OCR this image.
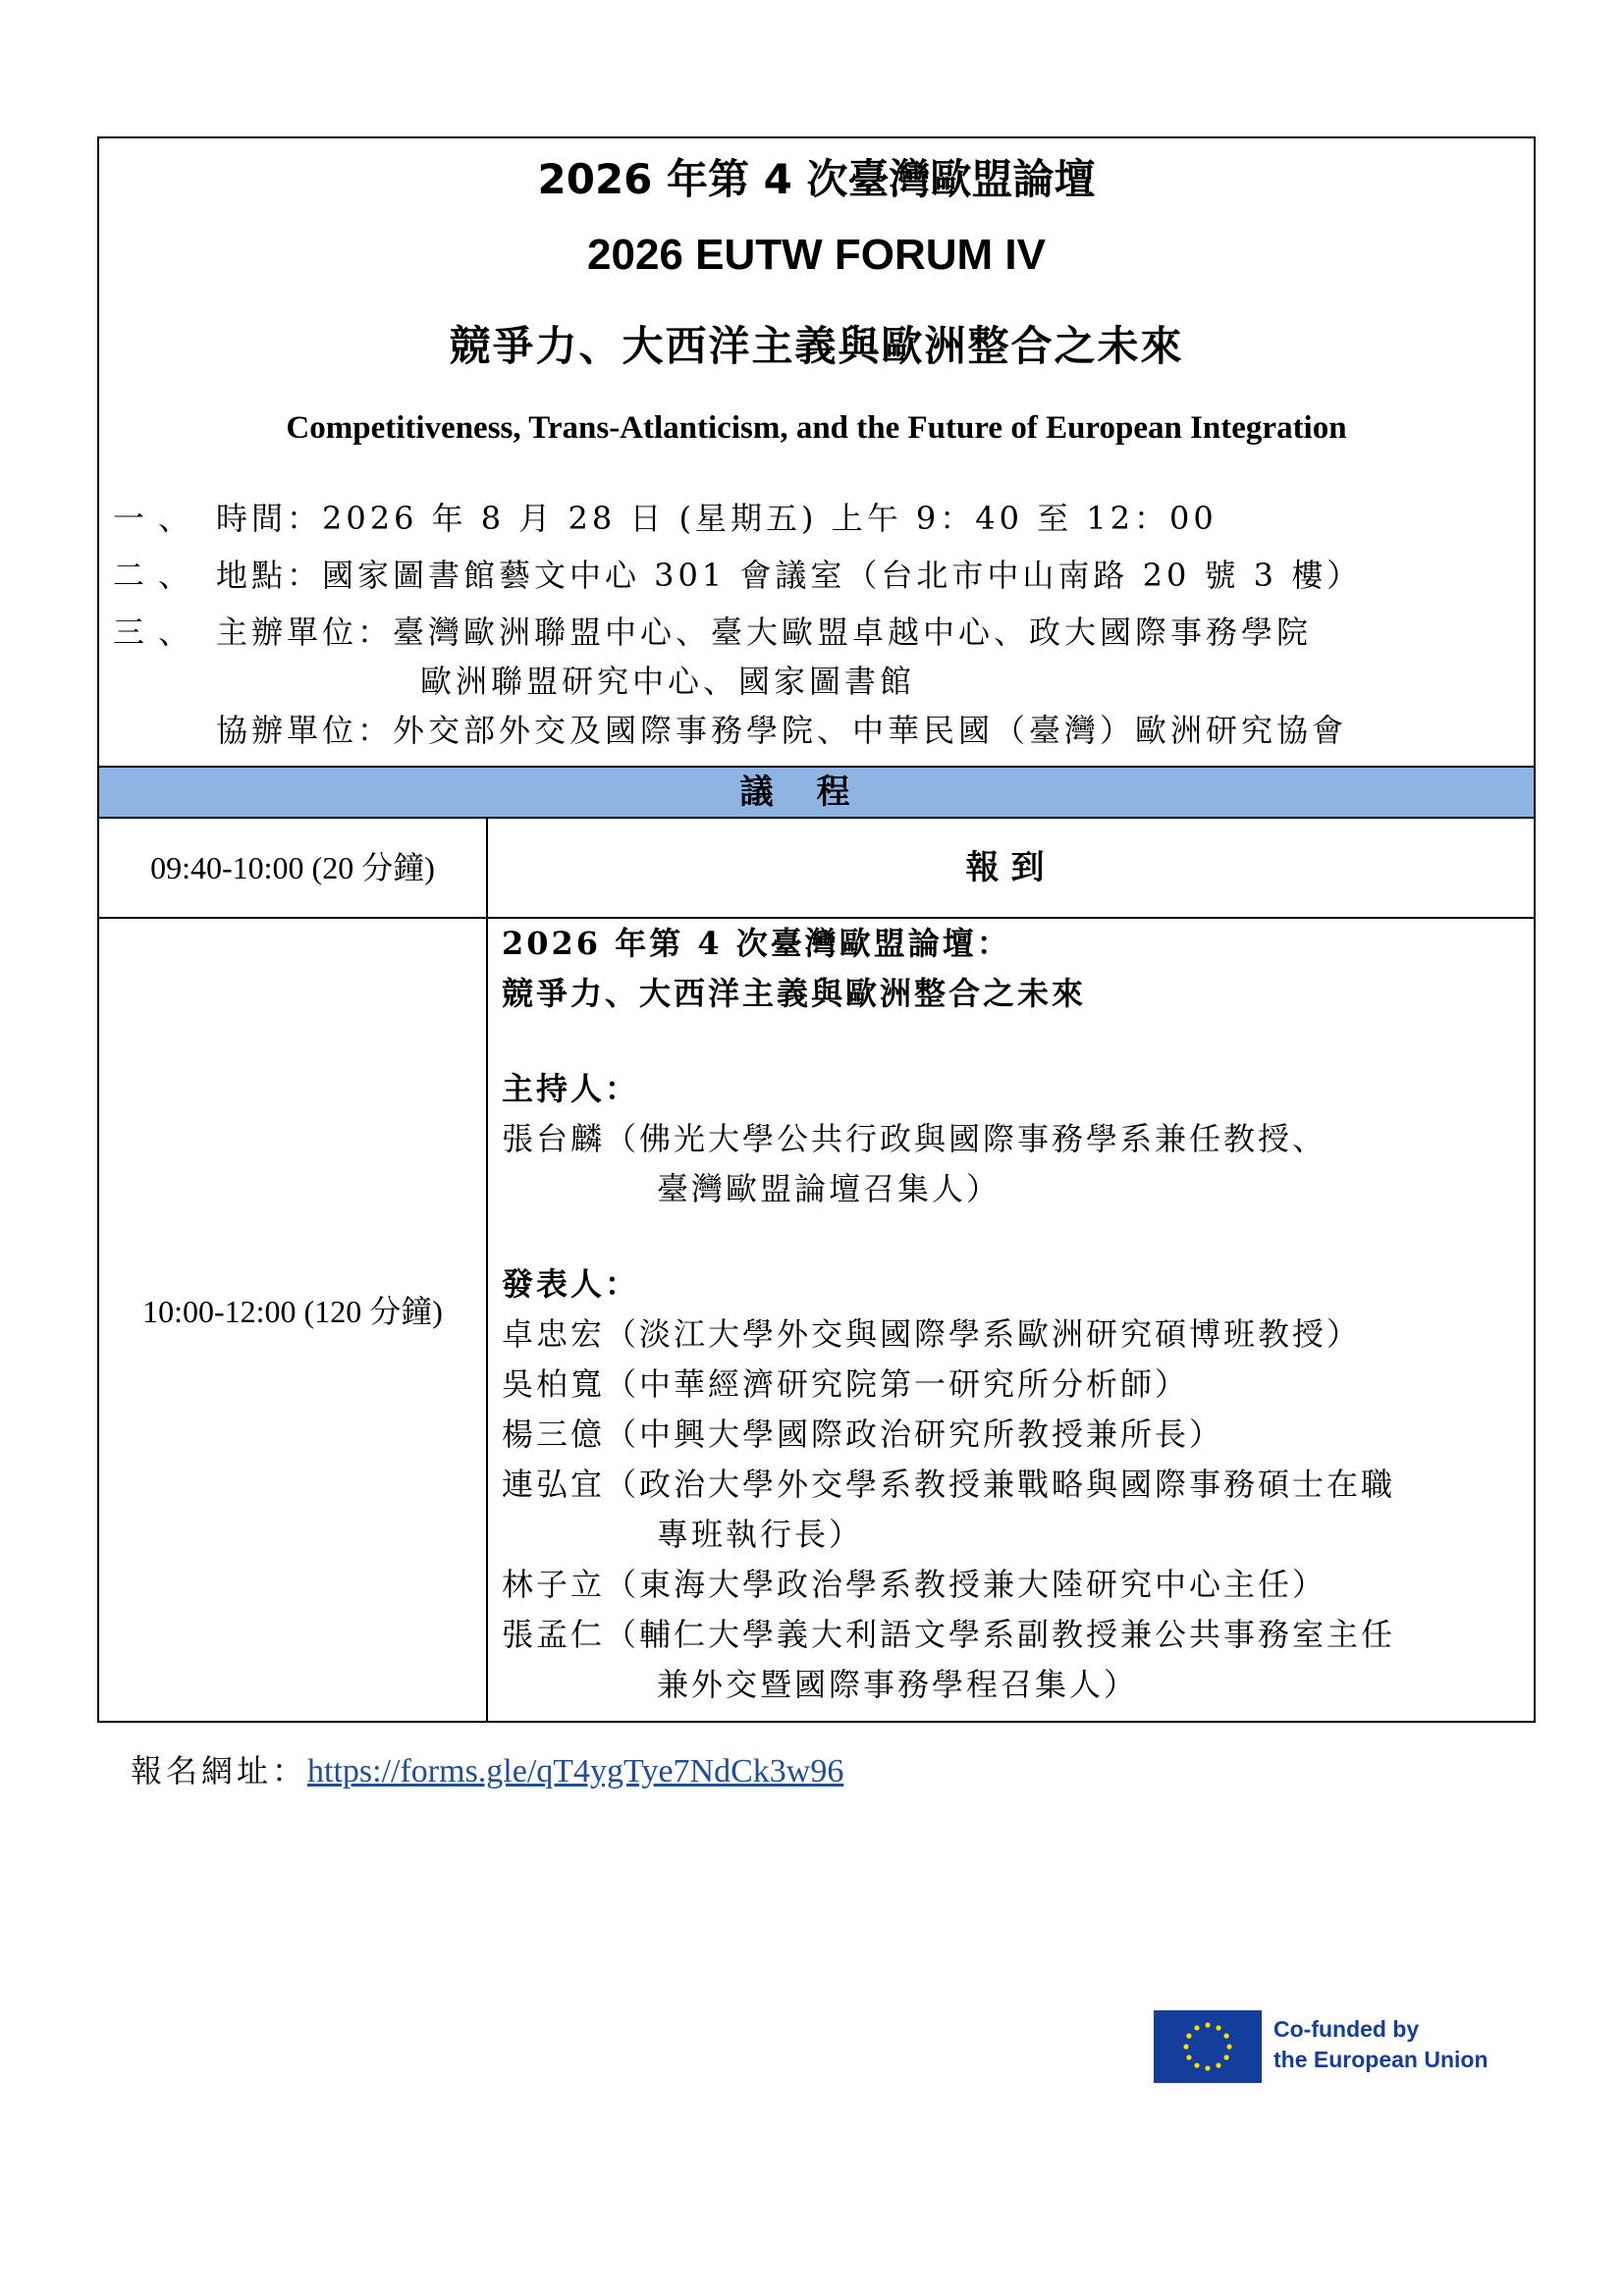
2026 年第 4 次臺灣歐盟論壇
2026 EUTW FORUM IV
競爭力、大西洋主義與歐洲整合之未來
Competitiveness, Trans-Atlanticism, and the Future of European Integration
一、 時間：2026 年 8 月 28 日 (星期五) 上午 9：40 至 12：00
二、 地點：國家圖書館藝文中心 301 會議室（台北市中山南路 20 號 3 樓）
三、 主辦單位：臺灣歐洲聯盟中心、臺大歐盟卓越中心、政大國際事務學院
歐洲聯盟研究中心、國家圖書館
協辦單位：外交部外交及國際事務學院、中華民國（臺灣）歐洲研究協會
議程
09:40-10:00 (20 分鐘)	報到
10:00-12:00 (120 分鐘)
2026 年第 4 次臺灣歐盟論壇：
競爭力、大西洋主義與歐洲整合之未來
主持人：
張台麟（佛光大學公共行政與國際事務學系兼任教授、
臺灣歐盟論壇召集人）
發表人：
卓忠宏（淡江大學外交與國際學系歐洲研究碩博班教授）
吳柏寬（中華經濟研究院第一研究所分析師）
楊三億（中興大學國際政治研究所教授兼所長）
連弘宜（政治大學外交學系教授兼戰略與國際事務碩士在職
專班執行長）
林子立（東海大學政治學系教授兼大陸研究中心主任）
張孟仁（輔仁大學義大利語文學系副教授兼公共事務室主任
兼外交暨國際事務學程召集人）
報名網址：https://forms.gle/qT4ygTye7NdCk3w96
Co-funded by
the European Union
